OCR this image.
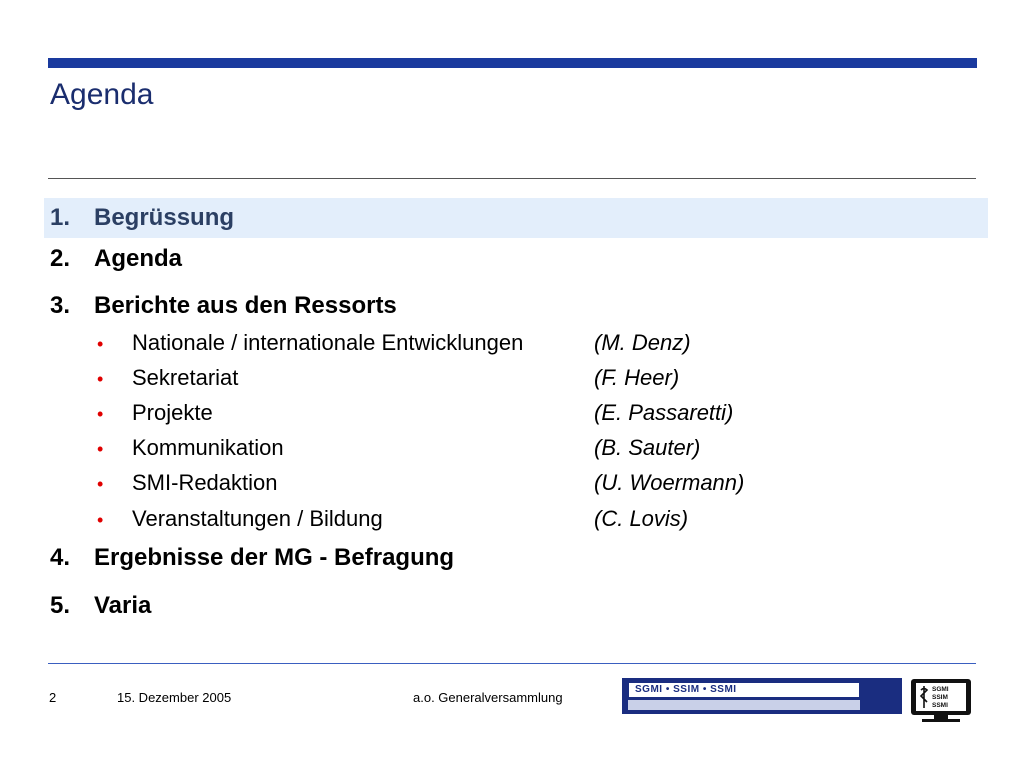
Agenda
1. Begrüssung
2. Agenda
3. Berichte aus den Ressorts
•	Nationale / internationale Entwicklungen	(M. Denz)
•	Sekretariat	(F. Heer)
•	Projekte	(E. Passaretti)
•	Kommunikation	(B. Sauter)
•	SMI-Redaktion	(U. Woermann)
•	Veranstaltungen / Bildung	(C. Lovis)
4. Ergebnisse der MG - Befragung
5. Varia
2	15. Dezember 2005	a.o. Generalversammlung
SGMI • SSIM • SSMI	SGMI
SSIM
SSMI
